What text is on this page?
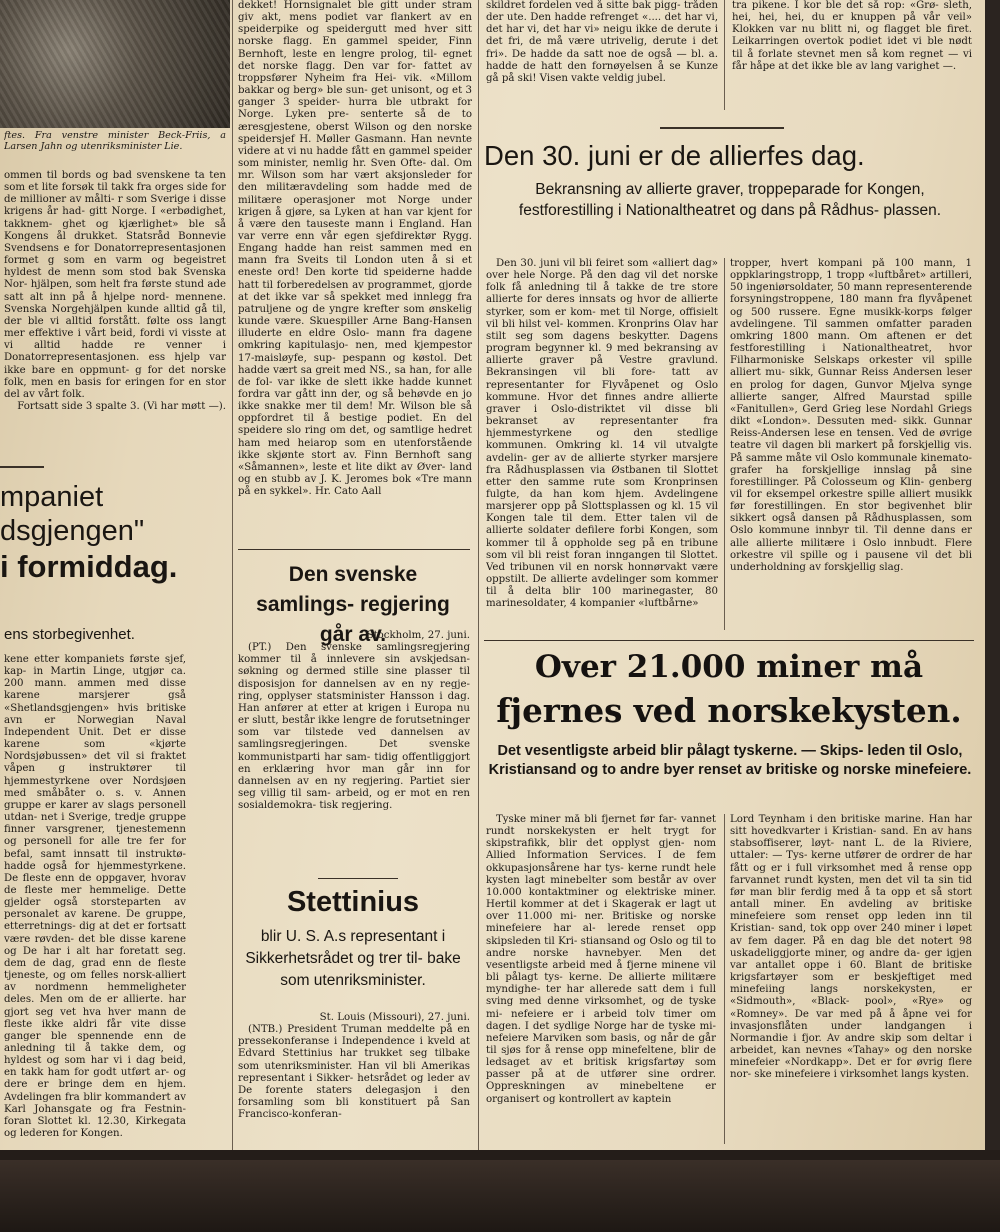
ftes. Fra venstre minister Beck-Friis, a Larsen Jahn og utenriksminister Lie.

ommen til bords og bad svenskene ta ten som et lite forsøk til takk fra orges side for de millioner av målti- r som Sverige i disse krigens år had- gitt Norge. I «erbødighet, takknem- ghet og kjærlighet» ble så Kongens ål drukket. Statsråd Bonnevie Svendsens e for Donatorrepresentasjonen formet g som en varm og begeistret hyldest de menn som stod bak Svenska Nor- hjälpen, som helt fra første stund ade satt alt inn på å hjelpe nord- mennene. Svenska Norgehjälpen kunde alltid gå til, der ble vi alltid forstått. følte oss langt mer effektive i vårt beid, fordi vi visste at vi alltid hadde re venner i Donatorrepresentasjonen. ess hjelp var ikke bare en oppmunt- g for det norske folk, men en basis for eringen for en stor del av vårt folk.

Fortsatt side 3 spalte 3. (Vi har møtt —).

mpaniet
dsgjengen"
i formiddag.
ens storbegivenhet.

kene etter kompaniets første sjef, kap- in Martin Linge, utgjør ca. 200 mann. ammen med disse karene marsjerer gså «Shetlandsgjengen» hvis britiske avn er Norwegian Naval Independent Unit. Det er disse karene som «kjørte Nordsjøbussen» det vil si fraktet våpen g instruktører til hjemmestyrkene over Nordsjøen med småbåter o. s. v. Annen gruppe er karer av slags personell utdan- net i Sverige, tredje gruppe finner varsgrener, tjenestemenn og personell for alle tre fer for befal, samt innsatt til instruktø- hadde også for hjemmestyrkene. De fleste enn de oppgaver, hvorav de fleste mer hemmelige. Dette gjelder også storsteparten av personalet av karene. De gruppe, etterretnings- dig at det er fortsatt være røvden- det ble disse karene og De har i alt har foretatt seg. dem de dag, grad enn de fleste tjeneste, og om felles norsk-alliert av nordmenn hemmeligheter deles. Men om de er allierte. har gjort seg vet hva hver mann de fleste ikke aldri får vite disse ganger ble spennende enn de anledning til å takke dem, og hyldest og som har vi i dag beid, en takk ham for godt utført ar- og dere er bringe dem en hjem. Avdelingen fra blir kommandert av Karl Johansgate og fra Festnin- foran Slottet kl. 12.30, Kirkegata og lederen for Kongen.

dekket! Hornsignalet ble gitt under stram giv akt, mens podiet var flankert av en speiderpike og speidergutt med hver sitt norske flagg. En gammel speider, Finn Bernhoft, leste en lengre prolog, til- egnet det norske flagg. Den var for- fattet av troppsfører Nyheim fra Hei- vik. «Millom bakkar og berg» ble sun- get unisont, og et 3 ganger 3 speider- hurra ble utbrakt for Norge. Lyken pre- senterte så de to æresgjestene, oberst Wilson og den norske speidersjef H. Møller Gasmann. Han nevnte videre at vi nu hadde fått en gammel speider som minister, nemlig hr. Sven Ofte- dal. Om mr. Wilson som har vært aksjonsleder for den militæravdeling som hadde med de militære operasjoner mot Norge under krigen å gjøre, sa Lyken at han var kjent for å være den tauseste mann i England. Han var verre enn vår egen sjefdirektør Rygg. Engang hadde han reist sammen med en mann fra Sveits til London uten å si et eneste ord! Den korte tid speiderne hadde hatt til forberedelsen av programmet, gjorde at det ikke var så spekket med innlegg fra patruljene og de yngre krefter som ønskelig kunde være. Skuespiller Arne Bang-Hansen illuderte en eldre Oslo- mann fra dagene omkring kapitulasjo- nen, med kjempestor 17-maisløyfe, sup- pespann og køstol. Det hadde vært sa greit med NS., sa han, for alle de fol- var ikke de slett ikke hadde kunnet fordra var gått inn der, og så behøvde en jo ikke snakke mer til dem! Mr. Wilson ble så oppfordret til å bestige podiet. En del speidere slo ring om det, og samtlige hedret ham med heiarop som en utenforstående ikke skjønte stort av. Finn Bernhoft sang «Såmannen», leste et lite dikt av Øver- land og en stubb av J. K. Jeromes bok «Tre mann på en sykkel». Hr. Cato Aall

Den svenske samlings- regjering går av.

Stockholm, 27. juni.

(PT.) Den svenske samlingsregjering kommer til å innlevere sin avskjedsan- søkning og dermed stille sine plasser til disposisjon for dannelsen av en ny regje- ring, opplyser statsminister Hansson i dag. Han anfører at etter at krigen i Europa nu er slutt, består ikke lengre de forutsetninger som var tilstede ved dannelsen av samlingsregjeringen. Det svenske kommunistparti har sam- tidig offentliggjort en erklæring hvor man går inn for dannelsen av en ny regjering. Partiet sier seg villig til sam- arbeid, og er mot en ren sosialdemokra- tisk regjering.

Stettinius
blir U. S. A.s representant i Sikkerhetsrådet og trer til- bake som utenriksminister.

St. Louis (Missouri), 27. juni.

(NTB.) President Truman meddelte på en pressekonferanse i Independence i kveld at Edvard Stettinius har trukket seg tilbake som utenriksminister. Han vil bli Amerikas representant i Sikker- hetsrådet og leder av De forente staters delegasjon i den forsamling som bli konstituert på San Francisco-konferan-

skildret fordelen ved å sitte bak pigg- tråden der ute. Den hadde refrenget «.... det har vi, det har vi, det har vi» neigu ikke de derute i det fri, de må være utrivelig, derute i det fri». De hadde da satt noe de også — bl. a. hadde de hatt den fornøyelsen å se Kunze gå på ski! Visen vakte veldig jubel.

tra pikene. I kor ble det så rop: «Grø- sleth, hei, hei, hei, du er knuppen på vår veil» Klokken var nu blitt ni, og flagget ble firet. Leikarringen overtok podiet idet vi ble nødt til å forlate stevnet men så kom regnet — vi får håpe at det ikke ble av lang varighet —.

Den 30. juni er de allierfes dag.
Bekransning av allierte graver, troppeparade for Kongen, festforestilling i Nationaltheatret og dans på Rådhus- plassen.

Den 30. juni vil bli feiret som «alliert dag» over hele Norge. På den dag vil det norske folk få anledning til å takke de tre store allierte for deres innsats og hvor de allierte styrker, som er kom- met til Norge, offisielt vil bli hilst vel- kommen. Kronprins Olav har stilt seg som dagens beskytter. Dagens program begynner kl. 9 med bekransing av allierte graver på Vestre gravlund. Bekransingen vil bli fore- tatt av representanter for Flyvåpenet og Oslo kommune. Hvor det finnes andre allierte graver i Oslo-distriktet vil disse bli bekranset av representanter fra hjemmestyrkene og den stedlige kommunen. Omkring kl. 14 vil utvalgte avdelin- ger av de allierte styrker marsjere fra Rådhusplassen via Østbanen til Slottet etter den samme rute som Kronprinsen fulgte, da han kom hjem. Avdelingene marsjerer opp på Slottsplassen og kl. 15 vil Kongen tale til dem. Etter talen vil de allierte soldater defilere forbi Kongen, som kommer til å oppholde seg på en tribune som vil bli reist foran inngangen til Slottet. Ved tribunen vil en norsk honnørvakt være oppstilt. De allierte avdelinger som kommer til å delta blir 100 marinegaster, 80 marinesoldater, 4 kompanier «luftbårne»

tropper, hvert kompani på 100 mann, 1 oppklaringstropp, 1 tropp «luftbåret» artilleri, 50 ingeniørsoldater, 50 mann representerende forsyningstroppene, 180 mann fra flyvåpenet og 500 russere. Egne musikk-korps følger avdelingene. Til sammen omfatter paraden omkring 1800 mann. Om aftenen er det festforestilling i Nationaltheatret, hvor Filharmoniske Selskaps orkester vil spille alliert mu- sikk, Gunnar Reiss Andersen leser en prolog for dagen, Gunvor Mjelva synge allierte sanger, Alfred Maurstad spille «Fanitullen», Gerd Grieg lese Nordahl Griegs dikt «London». Dessuten med- sikk. Gunnar Reiss-Andersen lese en tensen. Ved de øvrige teatre vil dagen bli markert på forskjellig vis. På samme måte vil Oslo kommunale kinemato- grafer ha forskjellige innslag på sine forestillinger. På Colosseum og Klin- genberg vil for eksempel orkestre spille alliert musikk før forestillingen. En stor begivenhet blir sikkert også dansen på Rådhusplassen, som Oslo kommune innbyr til. Til denne dans er alle allierte militære i Oslo innbudt. Flere orkestre vil spille og i pausene vil det bli underholdning av forskjellig slag.

Over 21.000 miner må
fjernes ved norskekysten.
Det vesentligste arbeid blir pålagt tyskerne. — Skips- leden til Oslo, Kristiansand og to andre byer renset av britiske og norske minefeiere.

Tyske miner må bli fjernet før far- vannet rundt norskekysten er helt trygt for skipstrafikk, blir det opplyst gjen- nom Allied Information Services. I de fem okkupasjonsårene har tys- kerne rundt hele kysten lagt minebelter som består av over 10.000 kontaktminer og elektriske miner. Hertil kommer at det i Skagerak er lagt ut over 11.000 mi- ner. Britiske og norske minefeiere har al- lerede renset opp skipsleden til Kri- stiansand og Oslo og til to andre norske havnebyer. Men det vesentligste arbeid med å fjerne minene vil bli pålagt tys- kerne. De allierte militære myndighe- ter har allerede satt dem i full sving med denne virksomhet, og de tyske mi- nefeiere er i arbeid tolv timer om dagen. I det sydlige Norge har de tyske mi- nefeiere Marviken som basis, og når de går til sjøs for å rense opp minefeltene, blir de ledsaget av et britisk krigsfartøy som passer på at de utfører sine ordrer. Oppreskningen av minebeltene er organisert og kontrollert av kaptein

Lord Teynham i den britiske marine. Han har sitt hovedkvarter i Kristian- sand. En av hans stabsoffiserer, løyt- nant L. de la Riviere, uttaler: — Tys- kerne utfører de ordrer de har fått og er i full virksomhet med å rense opp farvannet rundt kysten, men det vil ta sin tid før man blir ferdig med å ta opp et så stort antall miner. En avdeling av britiske minefeiere som renset opp leden inn til Kristian- sand, tok opp over 240 miner i løpet av fem dager. På en dag ble det notert 98 uskadeliggjorte miner, og andre da- ger igjen var antallet oppe i 60. Blant de britiske krigsfartøyer som er beskjeftiget med minefeiing langs norskekysten, er «Sidmouth», «Black- pool», «Rye» og «Romney». De var med på å åpne vei for invasjonsflåten under landgangen i Normandie i fjor. Av andre skip som deltar i arbeidet, kan nevnes «Tahay» og den norske minefeier «Nordkapp». Det er for øvrig flere nor- ske minefeiere i virksomhet langs kysten.
